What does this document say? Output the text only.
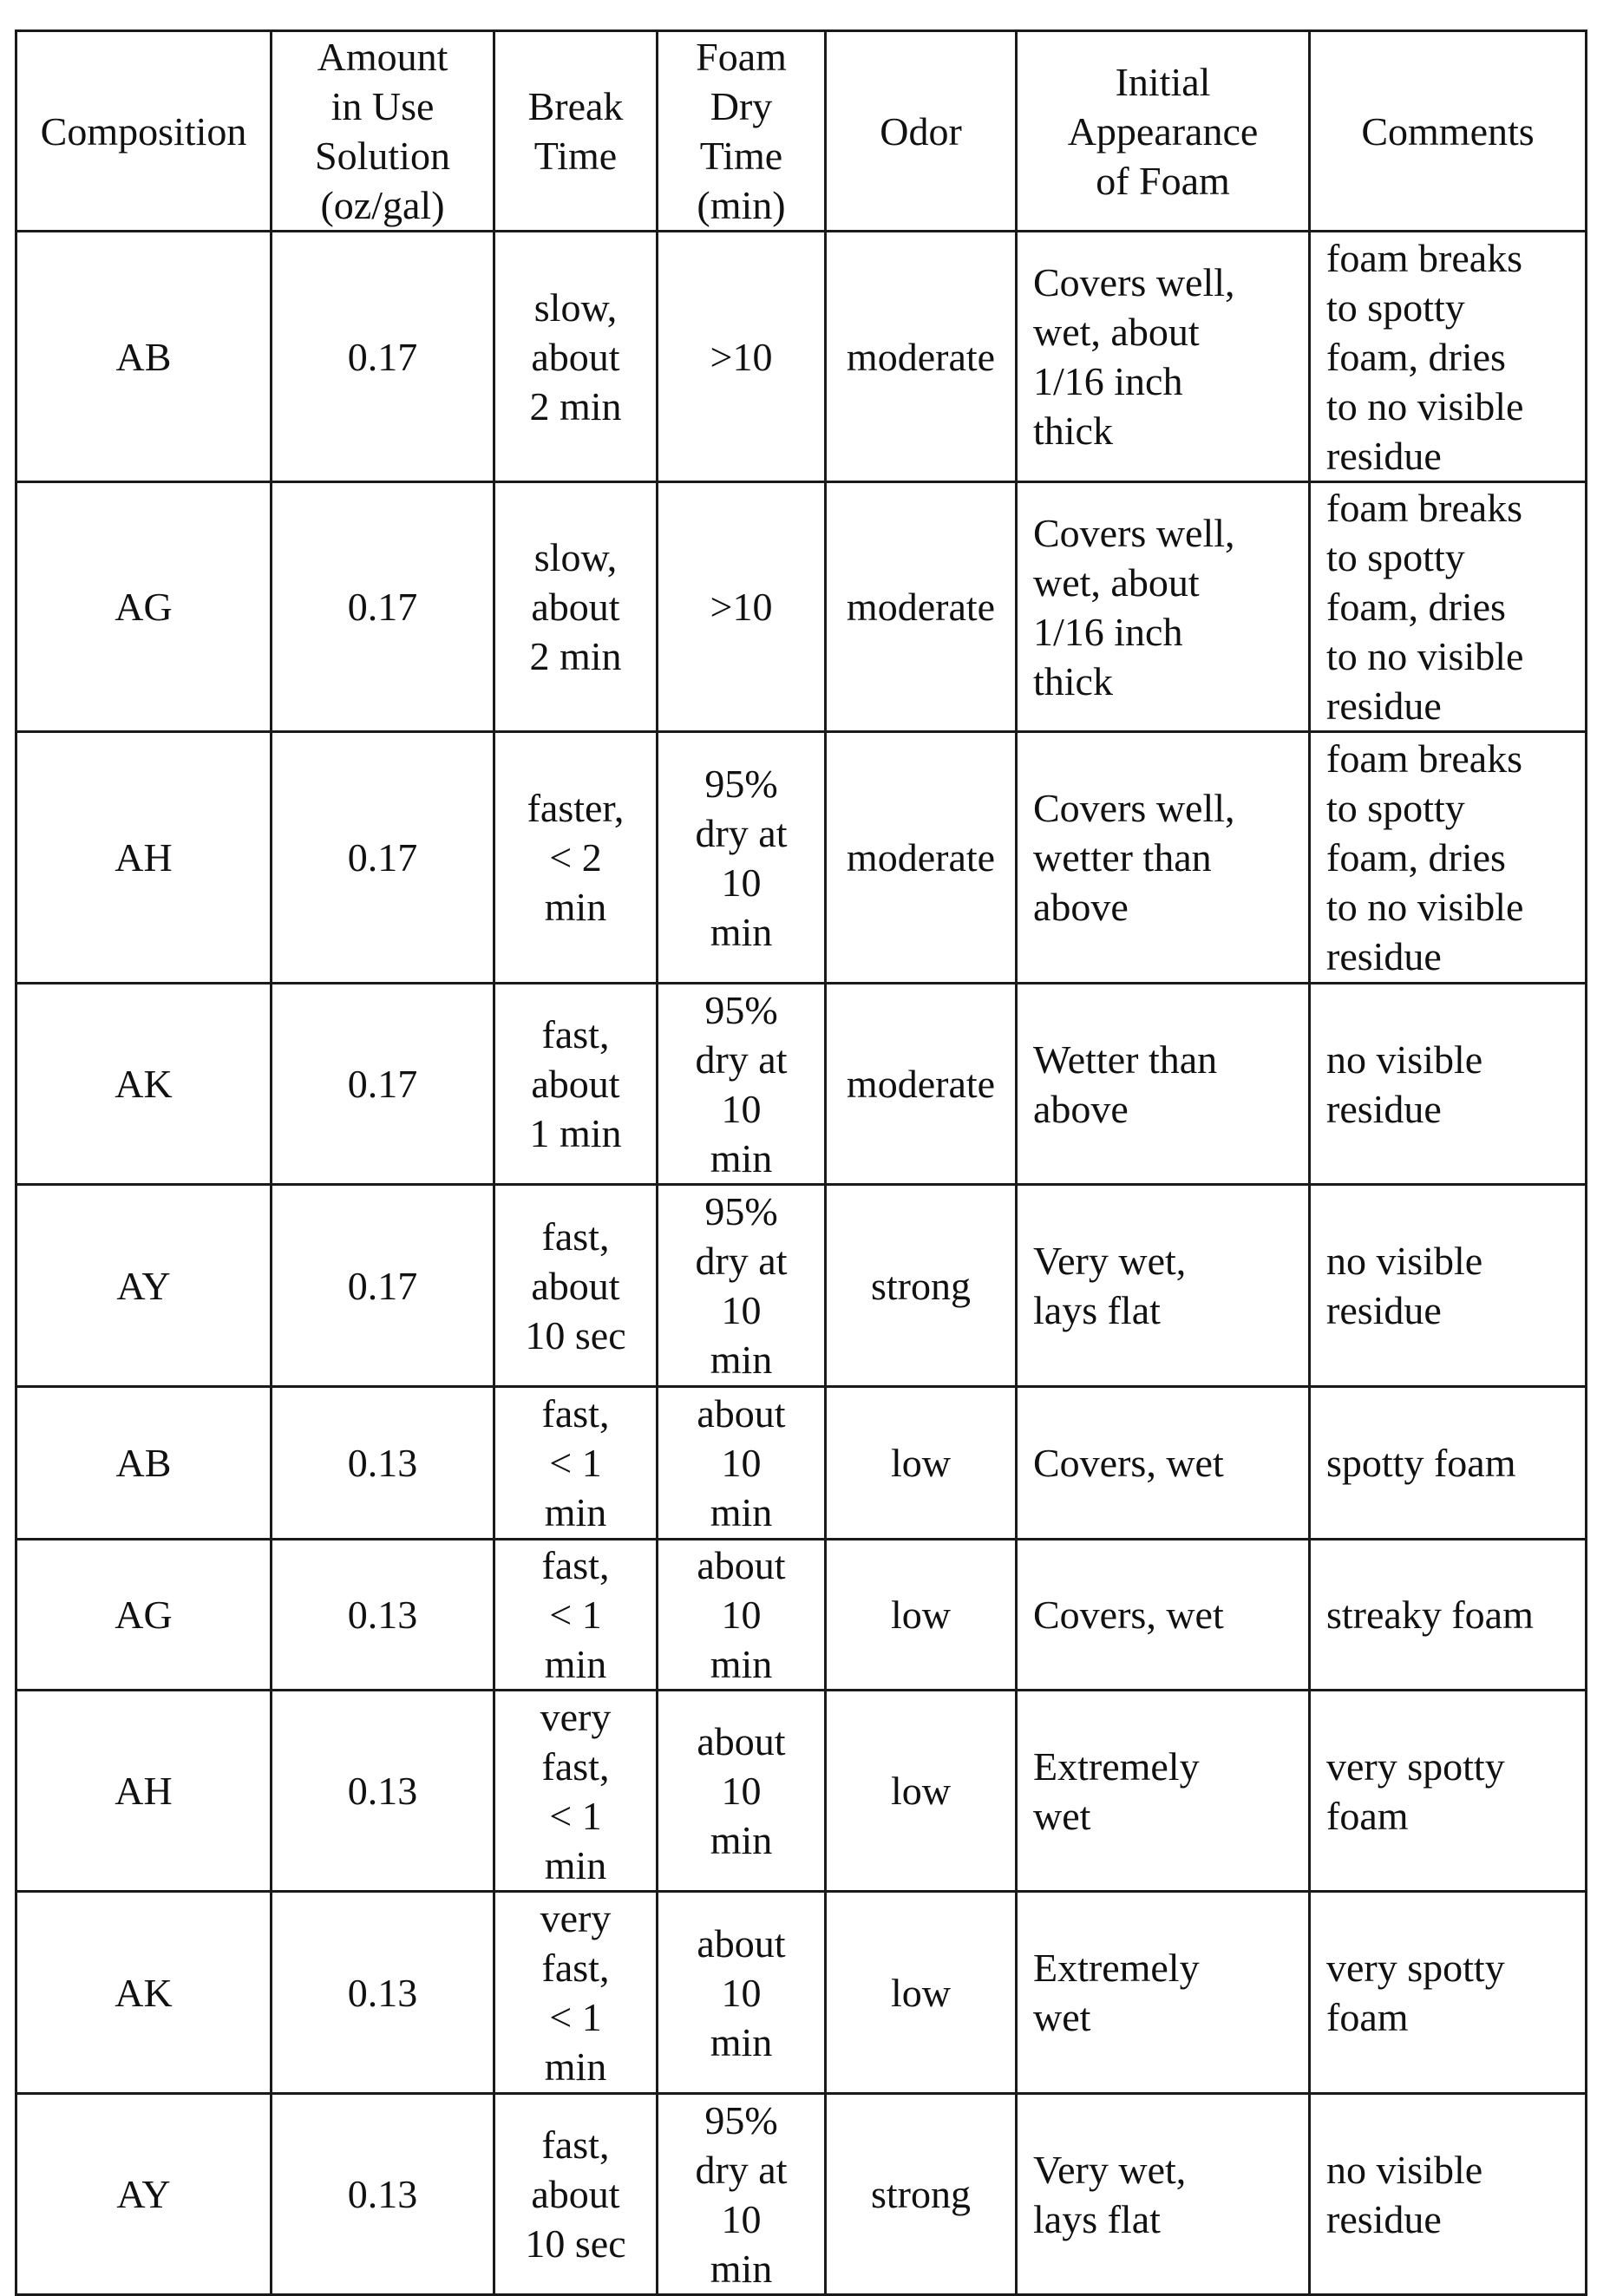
Composition	Amount
in Use
Solution
(oz/gal)	Break
Time	Foam
Dry
Time
(min)	Odor	Initial
Appearance
of Foam	Comments

AB	0.17	slow,
about
2 min	>10	moderate	Covers well,
wet, about
1/16 inch
thick	foam breaks
to spotty
foam, dries
to no visible
residue

AG	0.17	slow,
about
2 min	>10	moderate	Covers well,
wet, about
1/16 inch
thick	foam breaks
to spotty
foam, dries
to no visible
residue

AH	0.17	faster,
< 2
min	95%
dry at
10
min	moderate	Covers well,
wetter than
above	foam breaks
to spotty
foam, dries
to no visible
residue

AK	0.17	fast,
about
1 min	95%
dry at
10
min	moderate	Wetter than
above	no visible
residue

AY	0.17	fast,
about
10 sec	95%
dry at
10
min	strong	Very wet,
lays flat	no visible
residue

AB	0.13	fast,
< 1
min	about
10
min	low	Covers, wet	spotty foam

AG	0.13	fast,
< 1
min	about
10
min	low	Covers, wet	streaky foam

AH	0.13	very
fast,
< 1
min	about
10
min	low	Extremely
wet	very spotty
foam

AK	0.13	very
fast,
< 1
min	about
10
min	low	Extremely
wet	very spotty
foam

AY	0.13	fast,
about
10 sec	95%
dry at
10
min	strong	Very wet,
lays flat	no visible
residue
